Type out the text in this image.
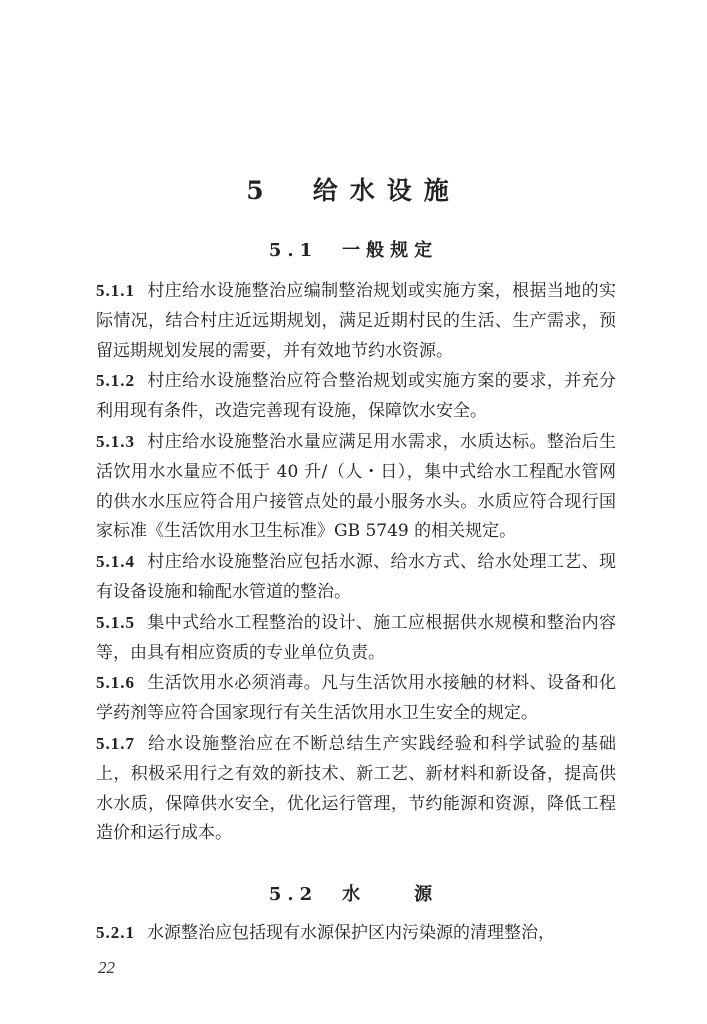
5　给水设施
5.1　一般规定

5.1.1 村庄给水设施整治应编制整治规划或实施方案，根据当地的实际情况，结合村庄近远期规划，满足近期村民的生活、生产需求，预留远期规划发展的需要，并有效地节约水资源。

5.1.2 村庄给水设施整治应符合整治规划或实施方案的要求，并充分利用现有条件，改造完善现有设施，保障饮水安全。

5.1.3 村庄给水设施整治水量应满足用水需求，水质达标。整治后生活饮用水水量应不低于 40 升/（人・日），集中式给水工程配水管网的供水水压应符合用户接管点处的最小服务水头。水质应符合现行国家标准《生活饮用水卫生标准》GB 5749 的相关规定。

5.1.4 村庄给水设施整治应包括水源、给水方式、给水处理工艺、现有设备设施和输配水管道的整治。

5.1.5 集中式给水工程整治的设计、施工应根据供水规模和整治内容等，由具有相应资质的专业单位负责。

5.1.6 生活饮用水必须消毒。凡与生活饮用水接触的材料、设备和化学药剂等应符合国家现行有关生活饮用水卫生安全的规定。

5.1.7 给水设施整治应在不断总结生产实践经验和科学试验的基础上，积极采用行之有效的新技术、新工艺、新材料和新设备，提高供水水质，保障供水安全，优化运行管理，节约能源和资源，降低工程造价和运行成本。

5.2　水　　源

5.2.1 水源整治应包括现有水源保护区内污染源的清理整治，

22
